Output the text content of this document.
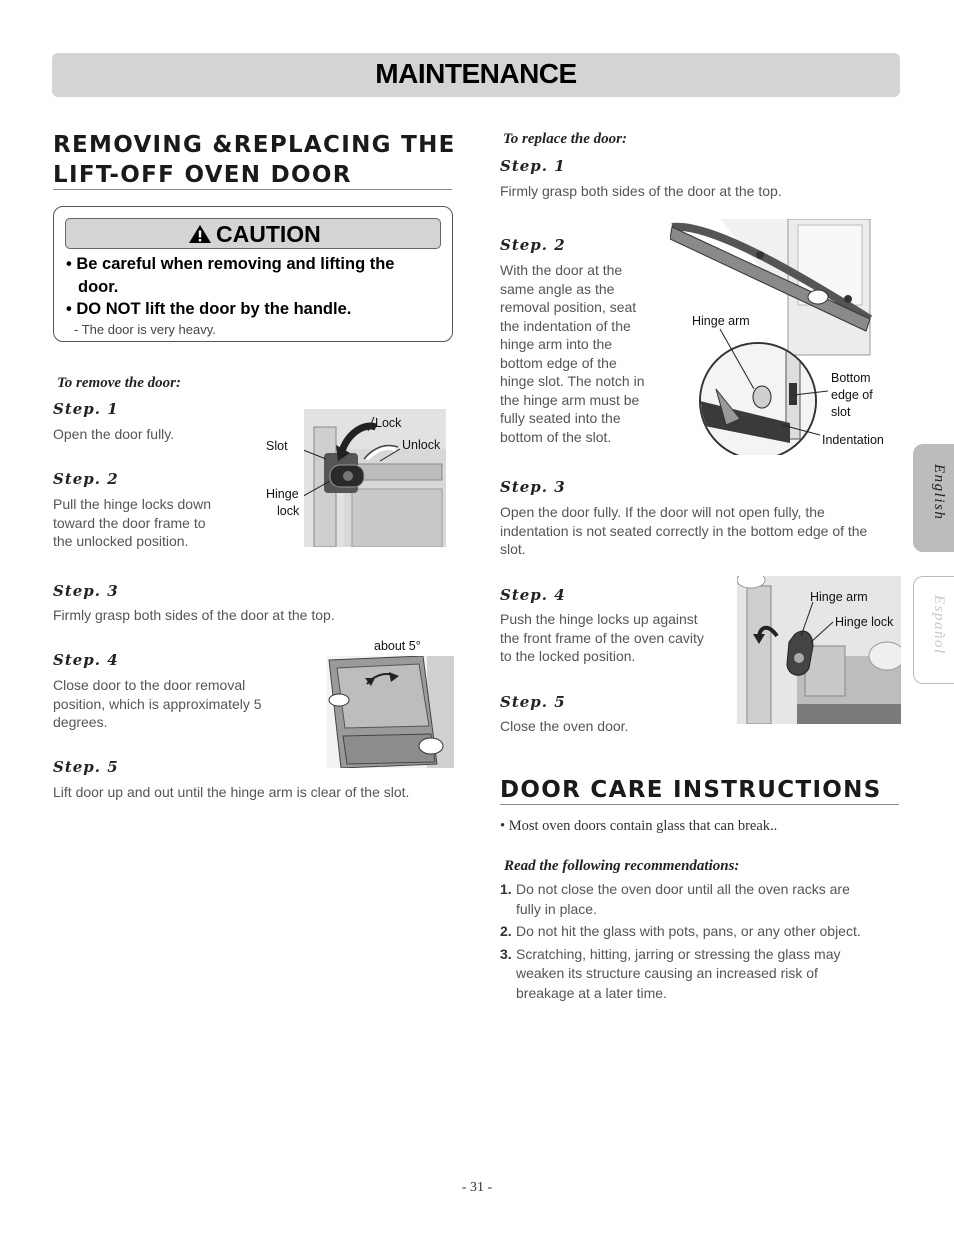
MAINTENANCE
REMOVING &REPLACING THE
LIFT-OFF OVEN DOOR
CAUTION
• Be careful when removing and lifting the
door.
• DO NOT lift the door by the handle.
- The door is very heavy.
To remove the door:
Step. 1
Open the door fully.
Step. 2
Pull the hinge locks down
toward the door frame to
the unlocked position.
Lock
Slot	Unlock
Hinge
lock
Step. 3
Firmly grasp both sides of the door at the top.
Step. 4
Close door to the door removal
position, which is approximately 5
degrees.
about 5°
Step. 5
Lift door up and out until the hinge arm is clear of the slot.
To replace the door:
Step. 1
Firmly grasp both sides of the door at the top.
Step. 2
With the door at the
same angle as the
removal position, seat
the indentation of the
hinge arm into the
bottom edge of the
hinge slot. The notch in
the hinge arm must be
fully seated into the
bottom of the slot.
Hinge arm
Bottom
edge of
slot
Indentation
Step. 3
Open the door fully. If the door will not open fully, the
indentation is not seated correctly in the bottom edge of the
slot.
Step. 4
Push the hinge locks up against
the front frame of the oven cavity
to the locked position.
Hinge arm
Hinge lock
Step. 5
Close the oven door.
DOOR CARE INSTRUCTIONS
• Most oven doors contain glass that can break..
Read the following recommendations:
1. Do not close the oven door until all the oven racks are
fully in place.
2. Do not hit the glass with pots, pans, or any other object.
3. Scratching, hitting, jarring or stressing the glass may
weaken its structure causing an increased risk of
breakage at a later time.
English
Español
- 31 -
